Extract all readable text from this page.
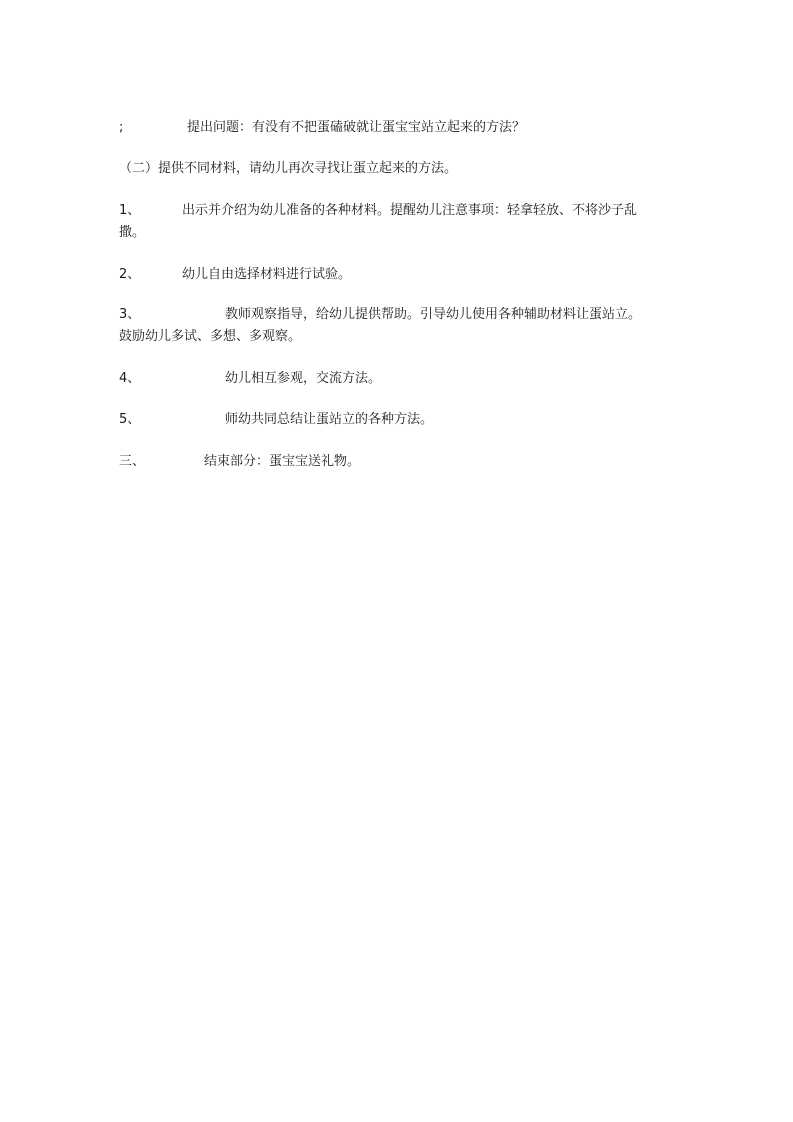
;	提出问题：有没有不把蛋磕破就让蛋宝宝站立起来的方法？
（二）提供不同材料，请幼儿再次寻找让蛋立起来的方法。
1、	出示并介绍为幼儿准备的各种材料。提醒幼儿注意事项：轻拿轻放、不将沙子乱
撒。
2、	幼儿自由选择材料进行试验。
3、	教师观察指导，给幼儿提供帮助。引导幼儿使用各种辅助材料让蛋站立。
鼓励幼儿多试、多想、多观察。
4、	幼儿相互参观，交流方法。
5、	师幼共同总结让蛋站立的各种方法。
三、	结束部分：蛋宝宝送礼物。
